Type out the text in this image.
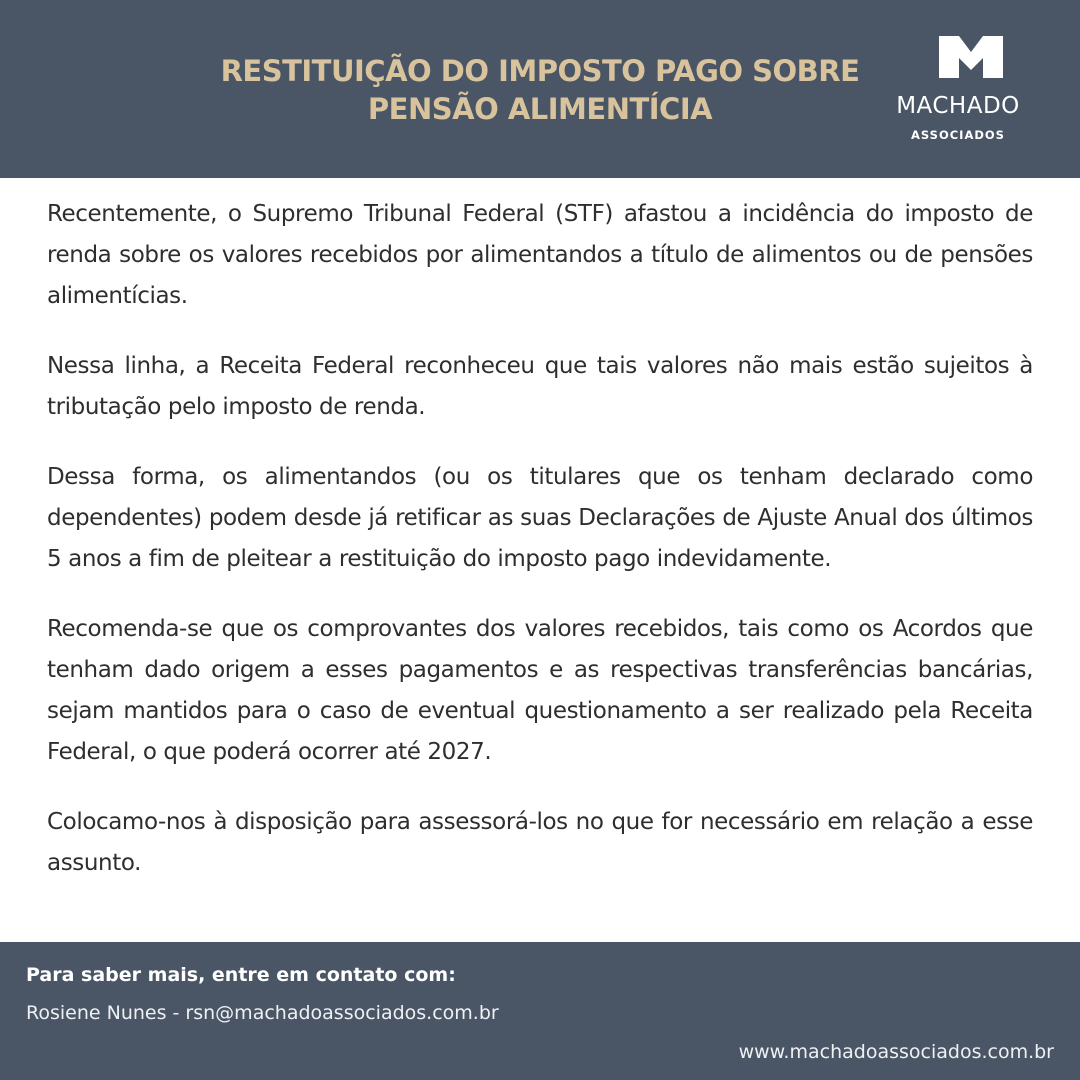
RESTITUIÇÃO DO IMPOSTO PAGO SOBRE
PENSÃO ALIMENTÍCIA	MACHADO
ASSOCIADOS

Recentemente, o Supremo Tribunal Federal (STF) afastou a incidência do imposto de renda sobre os valores recebidos por alimentandos a título de alimentos ou de pensões alimentícias.

Nessa linha, a Receita Federal reconheceu que tais valores não mais estão sujeitos à tributação pelo imposto de renda.

Dessa forma, os alimentandos (ou os titulares que os tenham declarado como dependentes) podem desde já retificar as suas Declarações de Ajuste Anual dos últimos 5 anos a fim de pleitear a restituição do imposto pago indevidamente.

Recomenda-se que os comprovantes dos valores recebidos, tais como os Acordos que tenham dado origem a esses pagamentos e as respectivas transferências bancárias, sejam mantidos para o caso de eventual questionamento a ser realizado pela Receita Federal, o que poderá ocorrer até 2027.

Colocamo-nos à disposição para assessorá-los no que for necessário em relação a esse assunto.

Para saber mais, entre em contato com:
Rosiene Nunes - rsn@machadoassociados.com.br
www.machadoassociados.com.br
